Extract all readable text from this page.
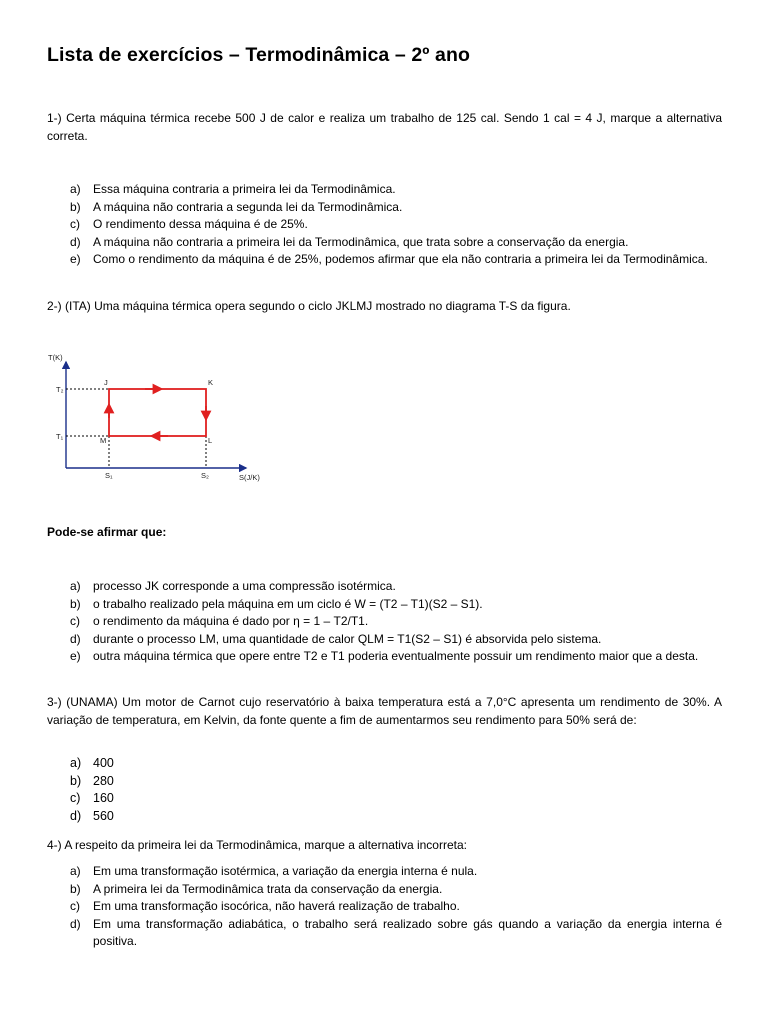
Lista de exercícios – Termodinâmica – 2º ano

1-) Certa máquina térmica recebe 500 J de calor e realiza um trabalho de 125 cal. Sendo 1 cal = 4 J, marque a alternativa correta.

a)	Essa máquina contraria a primeira lei da Termodinâmica.
b)	A máquina não contraria a segunda lei da Termodinâmica.
c)	O rendimento dessa máquina é de 25%.
d)	A máquina não contraria a primeira lei da Termodinâmica, que trata sobre a conservação da energia.
e)	Como o rendimento da máquina é de 25%, podemos afirmar que ela não contraria a primeira lei da Termodinâmica.

2-) (ITA) Uma máquina térmica opera segundo o ciclo JKLMJ mostrado no diagrama T-S da figura.

T(K)
S(J/K)
T₂
T₁
J	K
L
M
S₁	S₂

Pode-se afirmar que:

a)	processo JK corresponde a uma compressão isotérmica.
b)	o trabalho realizado pela máquina em um ciclo é W = (T2 – T1)(S2 – S1).
c)	o rendimento da máquina é dado por η = 1 – T2/T1.
d)	durante o processo LM, uma quantidade de calor QLM = T1(S2 – S1) é absorvida pelo sistema.
e)	outra máquina térmica que opere entre T2 e T1 poderia eventualmente possuir um rendimento maior que a desta.

3-) (UNAMA) Um motor de Carnot cujo reservatório à baixa temperatura está a 7,0°C apresenta um rendimento de 30%. A variação de temperatura, em Kelvin, da fonte quente a fim de aumentarmos seu rendimento para 50% será de:

a) 400
b) 280
c)	160
d) 560

4-) A respeito da primeira lei da Termodinâmica, marque a alternativa incorreta:

a)	Em uma transformação isotérmica, a variação da energia interna é nula.
b)	A primeira lei da Termodinâmica trata da conservação da energia.
c)	Em uma transformação isocórica, não haverá realização de trabalho.
d)	Em uma transformação adiabática, o trabalho será realizado sobre gás quando a variação da energia interna é positiva.
